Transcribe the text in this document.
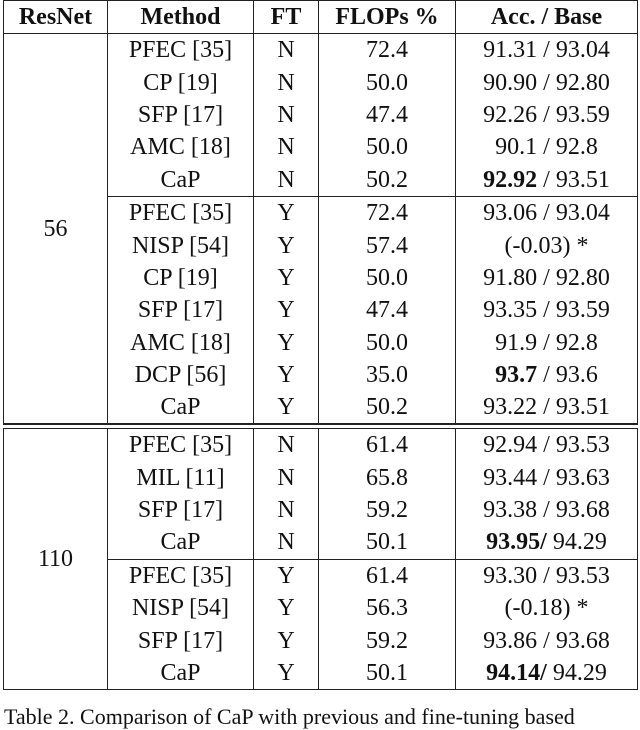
ResNet	Method	FT	FLOPs %	Acc. / Base
56	PFEC [35]	N	72.4	91.31 / 93.04
	CP [19]	N	50.0	90.90 / 92.80
	SFP [17]	N	47.4	92.26 / 93.59
	AMC [18]	N	50.0	90.1 / 92.8
	CaP	N	50.2	92.92 / 93.51
	PFEC [35]	Y	72.4	93.06 / 93.04
	NISP [54]	Y	57.4	(-0.03) *
	CP [19]	Y	50.0	91.80 / 92.80
	SFP [17]	Y	47.4	93.35 / 93.59
	AMC [18]	Y	50.0	91.9 / 92.8
	DCP [56]	Y	35.0	93.7 / 93.6
	CaP	Y	50.2	93.22 / 93.51
110	PFEC [35]	N	61.4	92.94 / 93.53
	MIL [11]	N	65.8	93.44 / 93.63
	SFP [17]	N	59.2	93.38 / 93.68
	CaP	N	50.1	93.95/ 94.29
	PFEC [35]	Y	61.4	93.30 / 93.53
	NISP [54]	Y	56.3	(-0.18) *
	SFP [17]	Y	59.2	93.86 / 93.68
	CaP	Y	50.1	94.14/ 94.29
Table 2. Comparison of CaP with previous and fine-tuning based
